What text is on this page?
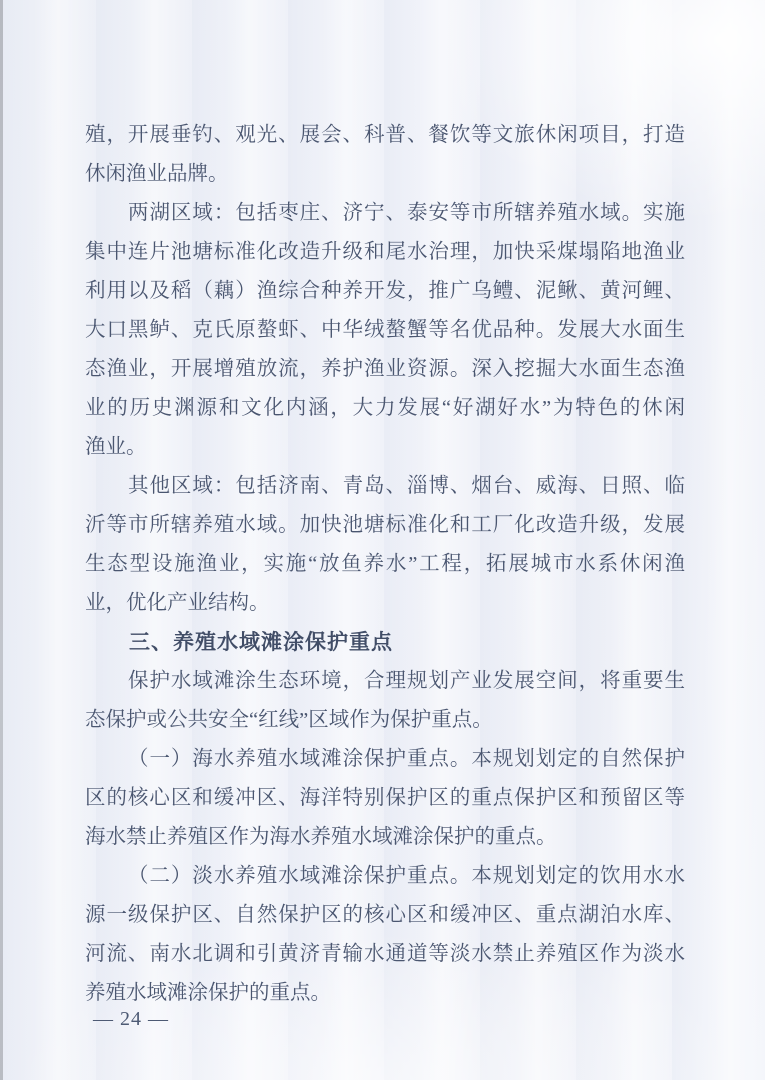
殖，开展垂钓、观光、展会、科普、餐饮等文旅休闲项目，打造
休闲渔业品牌。
两湖区域：包括枣庄、济宁、泰安等市所辖养殖水域。实施
集中连片池塘标准化改造升级和尾水治理，加快采煤塌陷地渔业
利用以及稻（藕）渔综合种养开发，推广乌鳢、泥鳅、黄河鲤、
大口黑鲈、克氏原螯虾、中华绒螯蟹等名优品种。发展大水面生
态渔业，开展增殖放流，养护渔业资源。深入挖掘大水面生态渔
业的历史渊源和文化内涵，大力发展“好湖好水”为特色的休闲
渔业。
其他区域：包括济南、青岛、淄博、烟台、威海、日照、临
沂等市所辖养殖水域。加快池塘标准化和工厂化改造升级，发展
生态型设施渔业，实施“放鱼养水”工程，拓展城市水系休闲渔
业，优化产业结构。
三、养殖水域滩涂保护重点
保护水域滩涂生态环境，合理规划产业发展空间，将重要生
态保护或公共安全“红线”区域作为保护重点。
（一）海水养殖水域滩涂保护重点。本规划划定的自然保护
区的核心区和缓冲区、海洋特别保护区的重点保护区和预留区等
海水禁止养殖区作为海水养殖水域滩涂保护的重点。
（二）淡水养殖水域滩涂保护重点。本规划划定的饮用水水
源一级保护区、自然保护区的核心区和缓冲区、重点湖泊水库、
河流、南水北调和引黄济青输水通道等淡水禁止养殖区作为淡水
养殖水域滩涂保护的重点。
— 24 —
